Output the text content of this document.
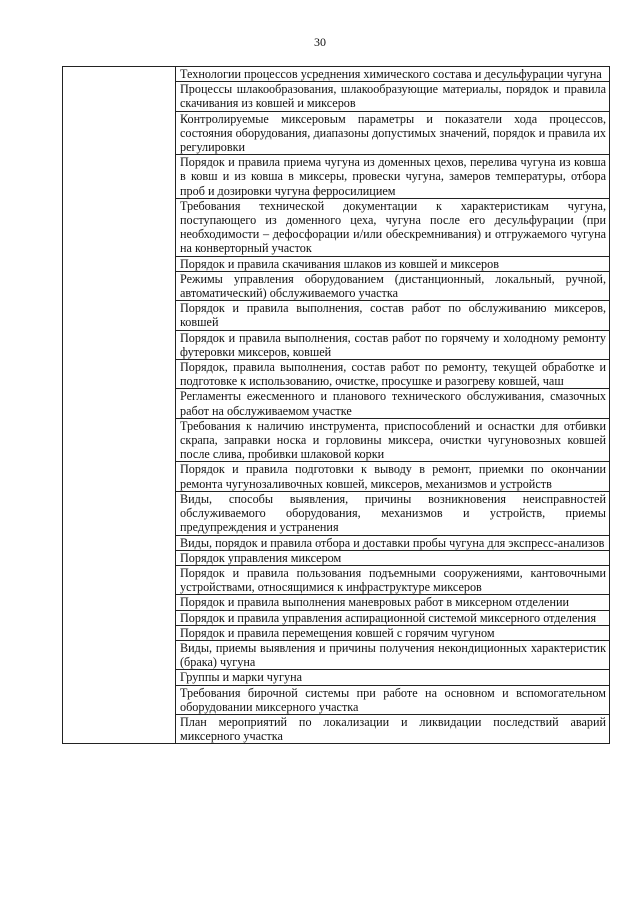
30
	Технологии процессов усреднения химического состава и десульфурации чугуна
Процессы шлакообразования, шлакообразующие материалы, порядок и правила скачивания из ковшей и миксеров
Контролируемые миксеровым параметры и показатели хода процессов, состояния оборудования, диапазоны допустимых значений, порядок и правила их регулировки
Порядок и правила приема чугуна из доменных цехов, перелива чугуна из ковша в ковш и из ковша в миксеры, провески чугуна, замеров температуры, отбора проб и дозировки чугуна ферросилицием
Требования технической документации к характеристикам чугуна, поступающего из доменного цеха, чугуна после его десульфурации (при необходимости – дефосфорации и/или обескремнивания) и отгружаемого чугуна на конверторный участок
Порядок и правила скачивания шлаков из ковшей и миксеров
Режимы управления оборудованием (дистанционный, локальный, ручной, автоматический) обслуживаемого участка
Порядок и правила выполнения, состав работ по обслуживанию миксеров, ковшей
Порядок и правила выполнения, состав работ по горячему и холодному ремонту футеровки миксеров, ковшей
Порядок, правила выполнения, состав работ по ремонту, текущей обработке и подготовке к использованию, очистке, просушке и разогреву ковшей, чаш
Регламенты ежесменного и планового технического обслуживания, смазочных работ на обслуживаемом участке
Требования к наличию инструмента, приспособлений и оснастки для отбивки скрапа, заправки носка и горловины миксера, очистки чугуновозных ковшей после слива, пробивки шлаковой корки
Порядок и правила подготовки к выводу в ремонт, приемки по окончании ремонта чугунозаливочных ковшей, миксеров, механизмов и устройств
Виды, способы выявления, причины возникновения неисправностей обслуживаемого оборудования, механизмов и устройств, приемы предупреждения и устранения
Виды, порядок и правила отбора и доставки пробы чугуна для экспресс-анализов
Порядок управления миксером
Порядок и правила пользования подъемными сооружениями, кантовочными устройствами, относящимися к инфраструктуре миксеров
Порядок и правила выполнения маневровых работ в миксерном отделении
Порядок и правила управления аспирационной системой миксерного отделения
Порядок и правила перемещения ковшей с горячим чугуном
Виды, приемы выявления и причины получения некондиционных характеристик (брака) чугуна
Группы и марки чугуна
Требования бирочной системы при работе на основном и вспомогательном оборудовании миксерного участка
План мероприятий по локализации и ликвидации последствий аварий миксерного участка
